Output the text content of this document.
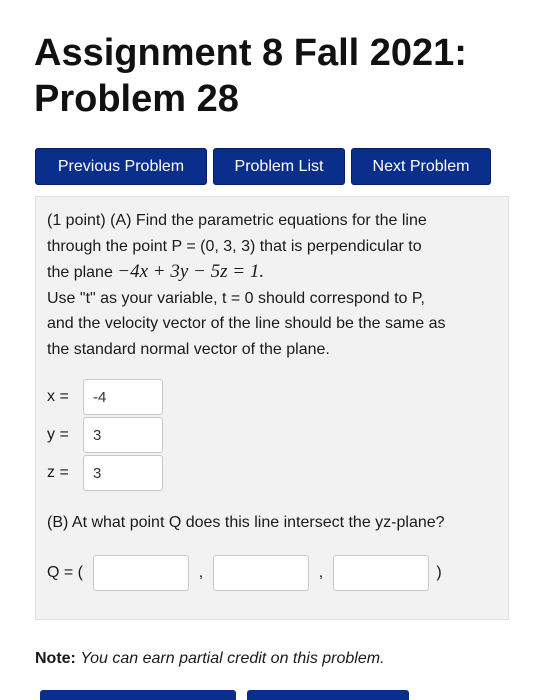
Assignment 8 Fall 2021:
Problem 28
Previous Problem	Problem List	Next Problem
(1 point) (A) Find the parametric equations for the line
through the point P = (0, 3, 3) that is perpendicular to
the plane −4x + 3y − 5z = 1.
Use "t" as your variable, t = 0 should correspond to P,
and the velocity vector of the line should be the same as
the standard normal vector of the plane.
x =	-4
y =	3
z =	3
(B) At what point Q does this line intersect the yz-plane?
Q = (	,	,	)
Note: You can earn partial credit on this problem.
